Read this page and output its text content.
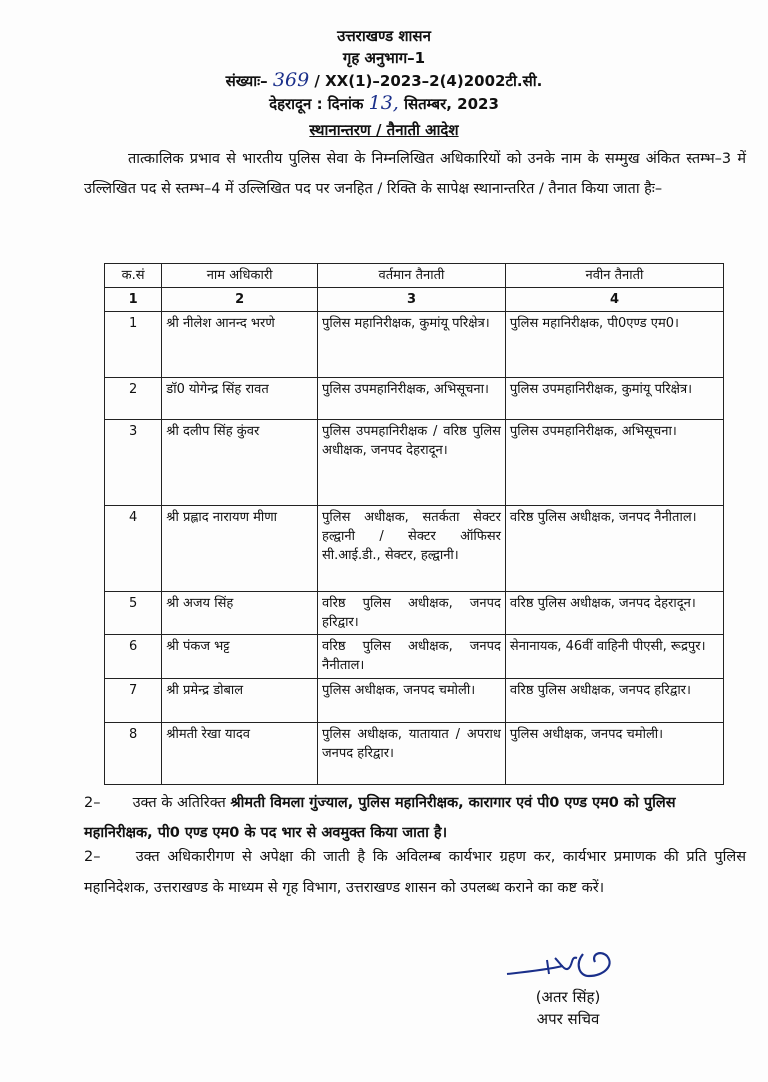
उत्तराखण्ड शासन
गृह अनुभाग–1
संख्याः– 369 / XX(1)–2023–2(4)2002टी.सी.
देहरादून : दिनांक 13, सितम्बर, 2023
स्थानान्तरण / तैनाती आदेश
तात्कालिक प्रभाव से भारतीय पुलिस सेवा के निम्नलिखित अधिकारियों को उनके नाम के सम्मुख अंकित स्तम्भ–3 में उल्लिखित पद से स्तम्भ–4 में उल्लिखित पद पर जनहित / रिक्ति के सापेक्ष स्थानान्तरित / तैनात किया जाता हैः–
क.सं	नाम अधिकारी	वर्तमान तैनाती	नवीन तैनाती
1	2	3	4
1	श्री नीलेश आनन्द भरणे	पुलिस महानिरीक्षक, कुमांयू परिक्षेत्र।	पुलिस महानिरीक्षक, पी0एण्ड एम0।
2	डॉ0 योगेन्द्र सिंह रावत	पुलिस उपमहानिरीक्षक, अभिसूचना।	पुलिस उपमहानिरीक्षक, कुमांयू परिक्षेत्र।
3	श्री दलीप सिंह कुंवर	पुलिस उपमहानिरीक्षक / वरिष्ठ पुलिस अधीक्षक, जनपद देहरादून।	पुलिस उपमहानिरीक्षक, अभिसूचना।
4	श्री प्रह्लाद नारायण मीणा	पुलिस अधीक्षक, सतर्कता सेक्टर हल्द्वानी / सेक्टर ऑफिसर सी.आई.डी., सेक्टर, हल्द्वानी।	वरिष्ठ पुलिस अधीक्षक, जनपद नैनीताल।
5	श्री अजय सिंह	वरिष्ठ पुलिस अधीक्षक, जनपद हरिद्वार।	वरिष्ठ पुलिस अधीक्षक, जनपद देहरादून।
6	श्री पंकज भट्ट	वरिष्ठ पुलिस अधीक्षक, जनपद नैनीताल।	सेनानायक, 46वीं वाहिनी पीएसी, रूद्रपुर।
7	श्री प्रमेन्द्र डोबाल	पुलिस अधीक्षक, जनपद चमोली।	वरिष्ठ पुलिस अधीक्षक, जनपद हरिद्वार।
8	श्रीमती रेखा यादव	पुलिस अधीक्षक, यातायात / अपराध जनपद हरिद्वार।	पुलिस अधीक्षक, जनपद चमोली।
2– उक्त के अतिरिक्त श्रीमती विमला गुंज्याल, पुलिस महानिरीक्षक, कारागार एवं पी0 एण्ड एम0 को पुलिस महानिरीक्षक, पी0 एण्ड एम0 के पद भार से अवमुक्त किया जाता है।
2– उक्त अधिकारीगण से अपेक्षा की जाती है कि अविलम्ब कार्यभार ग्रहण कर, कार्यभार प्रमाणक की प्रति पुलिस महानिदेशक, उत्तराखण्ड के माध्यम से गृह विभाग, उत्तराखण्ड शासन को उपलब्ध कराने का कष्ट करें।
(अतर सिंह)
अपर सचिव
